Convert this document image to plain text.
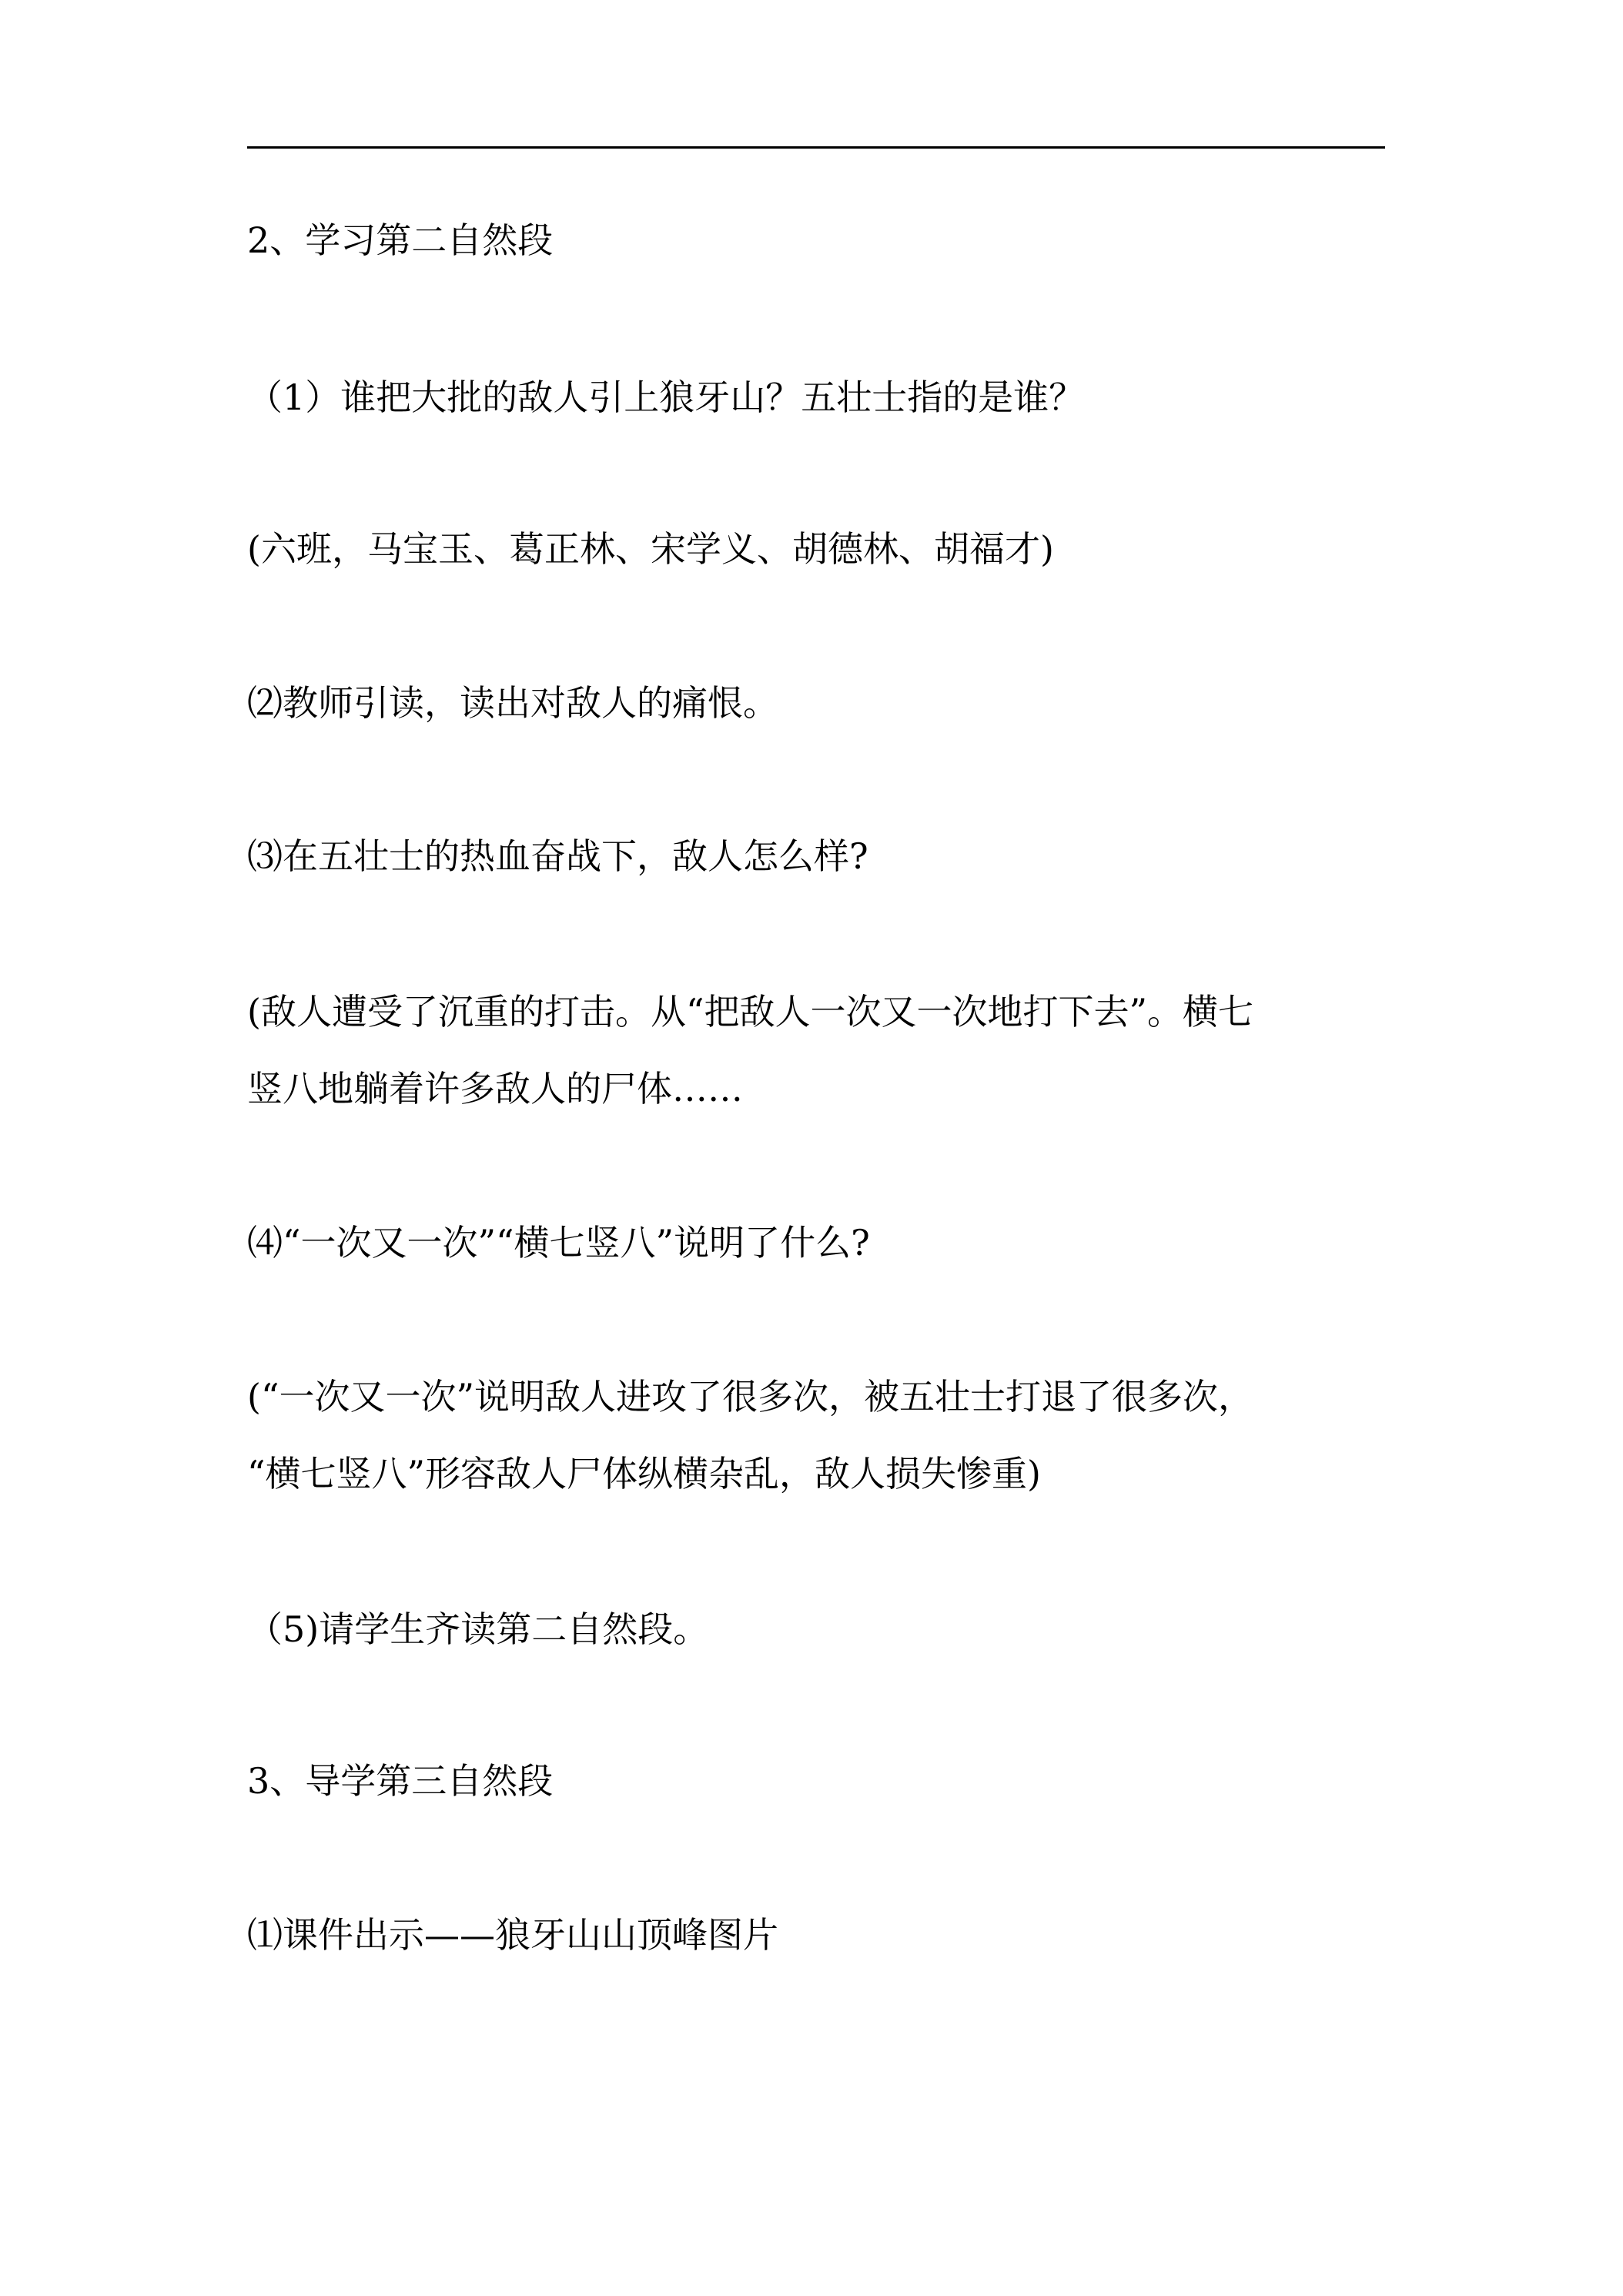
2、学习第二自然段
（1）谁把大批的敌人引上狼牙山？五壮士指的是谁？
(六班，马宝玉、葛正林、宋学义、胡德林、胡福才)
⑵教师引读，读出对敌人的痛恨。
⑶在五壮士的热血奋战下，敌人怎么样?
(敌人遭受了沉重的打击。从“把敌人一次又一次地打下去”。横七
竖八地躺着许多敌人的尸体……
⑷“一次又一次”“横七竖八”说明了什么?
(“一次又一次”说明敌人进攻了很多次，被五壮士打退了很多次，
“横七竖八”形容敌人尸体纵横杂乱，敌人损失惨重)
（5)请学生齐读第二自然段。
3、导学第三自然段
⑴课件出示——狼牙山山顶峰图片
